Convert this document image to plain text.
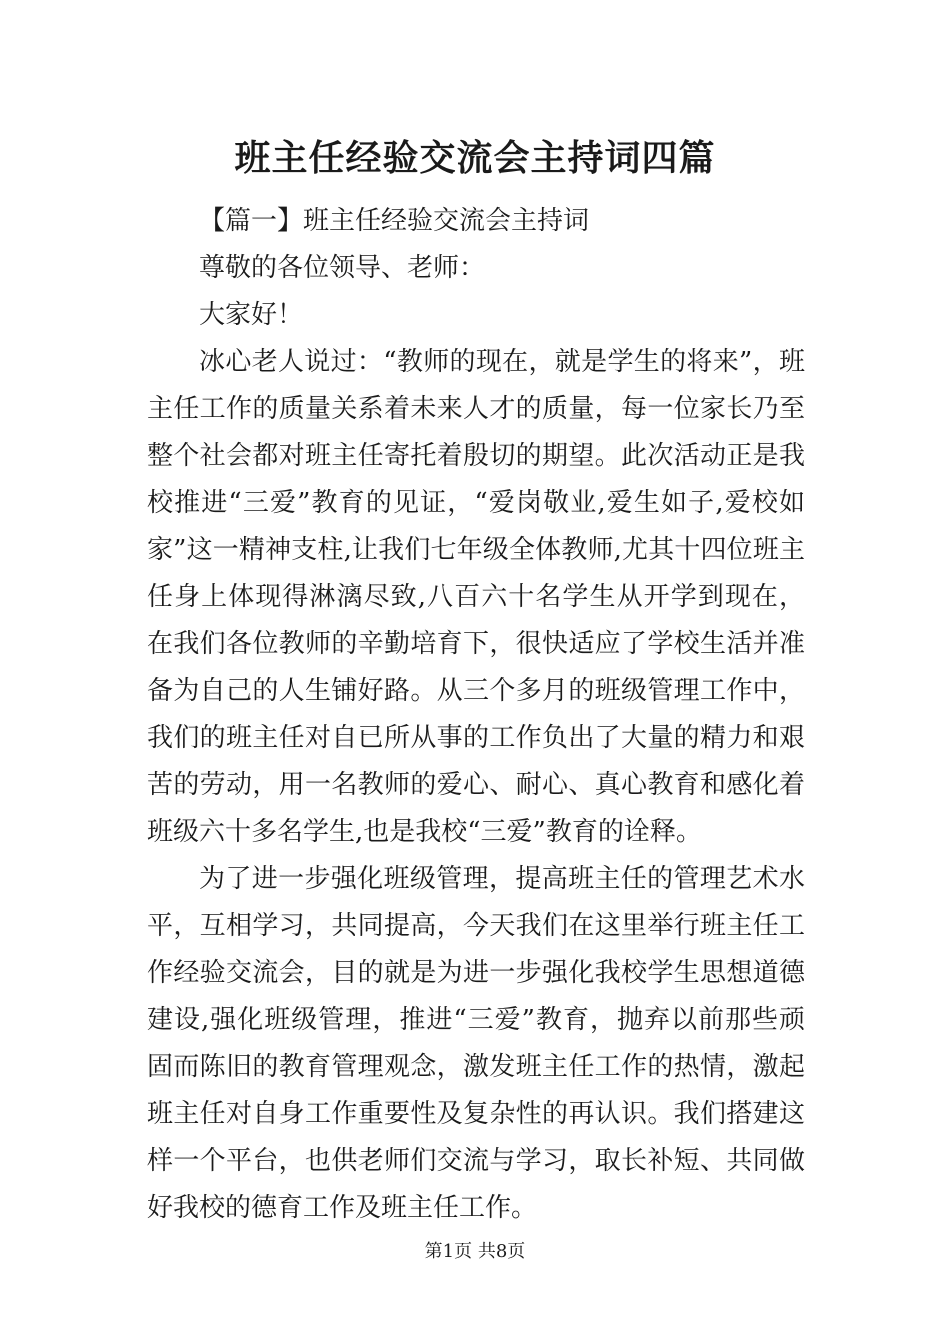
班主任经验交流会主持词四篇

【篇一】班主任经验交流会主持词

尊敬的各位领导、老师：

大家好！

冰心老人说过：“教师的现在，就是学生的将来”，班主任工作的质量关系着未来人才的质量，每一位家长乃至整个社会都对班主任寄托着殷切的期望。此次活动正是我校推进“三爱”教育的见证，“爱岗敬业,爱生如子,爱校如家”这一精神支柱,让我们七年级全体教师,尤其十四位班主任身上体现得淋漓尽致,八百六十名学生从开学到现在，在我们各位教师的辛勤培育下，很快适应了学校生活并准备为自己的人生铺好路。从三个多月的班级管理工作中，我们的班主任对自已所从事的工作负出了大量的精力和艰苦的劳动，用一名教师的爱心、耐心、真心教育和感化着班级六十多名学生,也是我校“三爱”教育的诠释。

为了进一步强化班级管理，提高班主任的管理艺术水平，互相学习，共同提高，今天我们在这里举行班主任工作经验交流会，目的就是为进一步强化我校学生思想道德建设,强化班级管理，推进“三爱”教育，抛弃以前那些顽固而陈旧的教育管理观念，激发班主任工作的热情，激起班主任对自身工作重要性及复杂性的再认识。我们搭建这样一个平台，也供老师们交流与学习，取长补短、共同做好我校的德育工作及班主任工作。

第1页 共8页
